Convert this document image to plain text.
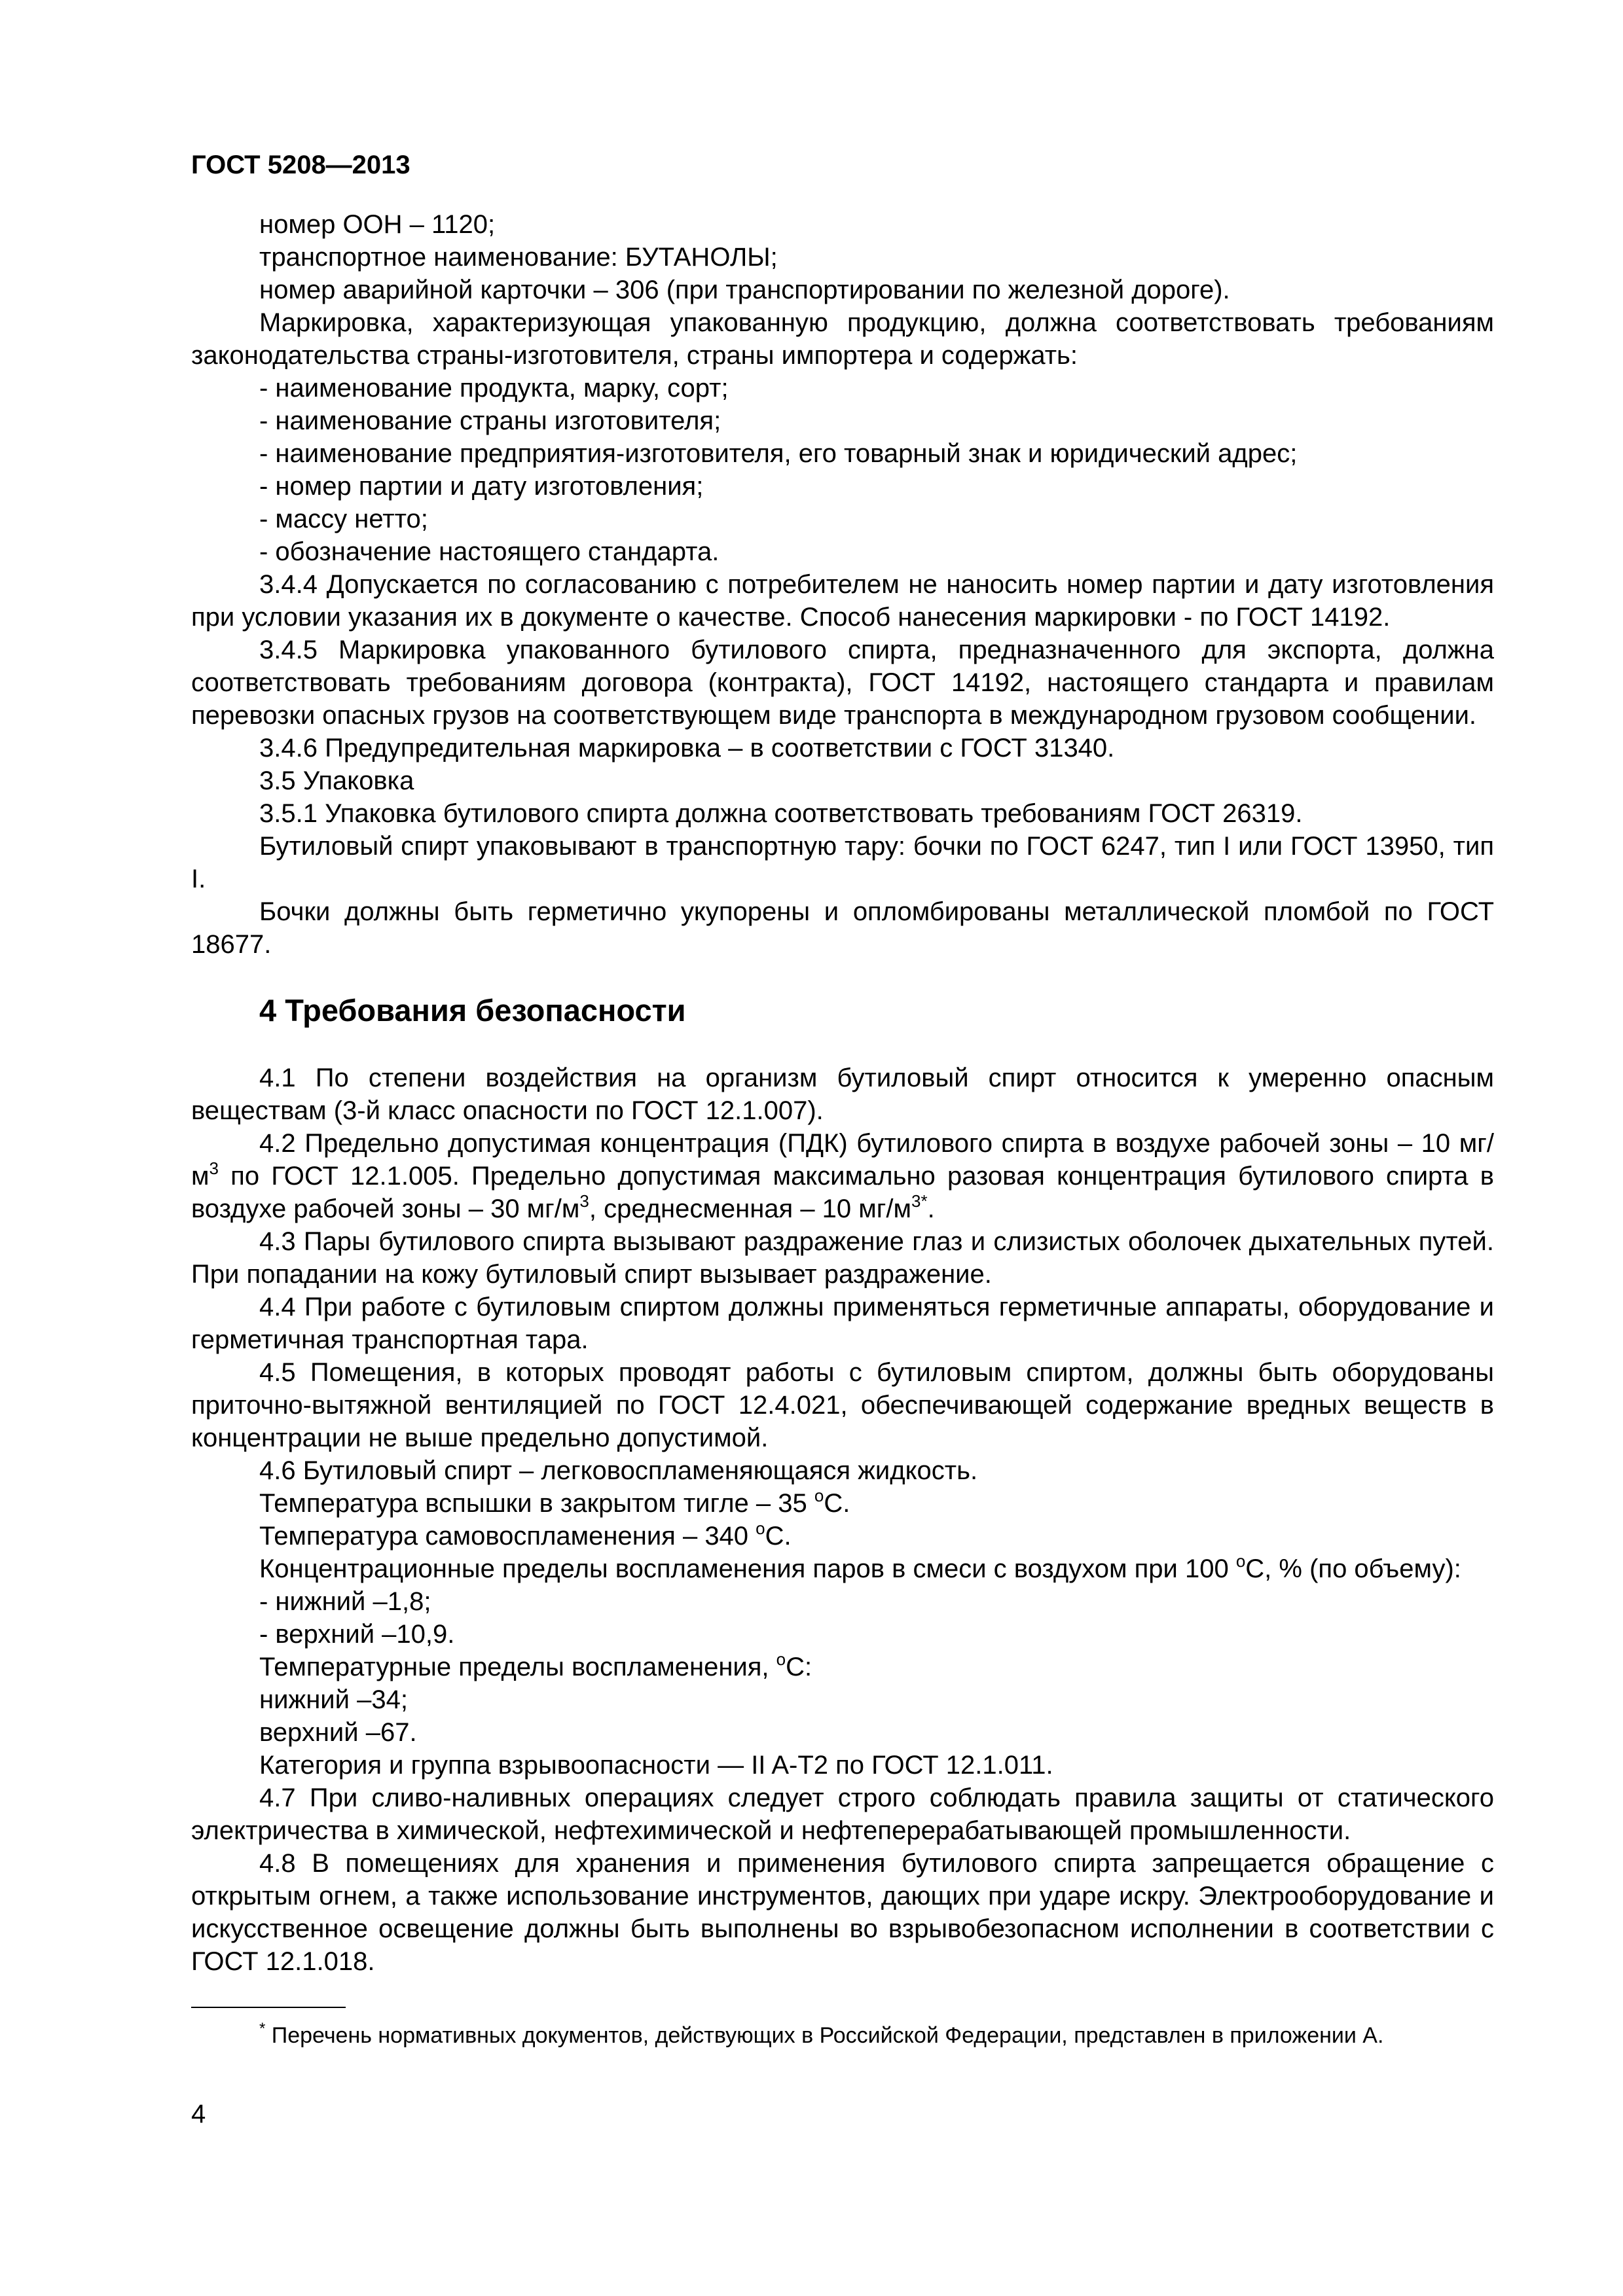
ГОСТ 5208—2013

номер ООН – 1120;

транспортное наименование: БУТАНОЛЫ;

номер аварийной карточки – 306 (при транспортировании по железной дороге).

Маркировка, характеризующая упакованную продукцию, должна соответствовать требованиям законодательства страны-изготовителя, страны импортера и содержать:

- наименование продукта, марку, сорт;

- наименование страны изготовителя;

- наименование предприятия-изготовителя, его товарный знак и юридический адрес;

- номер партии и дату изготовления;

- массу нетто;

- обозначение настоящего стандарта.

3.4.4 Допускается по согласованию с потребителем не наносить номер партии и дату изготовления при условии указания их в документе о качестве. Способ нанесения маркировки - по ГОСТ 14192.

3.4.5 Маркировка упакованного бутилового спирта, предназначенного для экспорта, должна соответствовать требованиям договора (контракта), ГОСТ 14192, настоящего стандарта и правилам перевозки опасных грузов на соответствующем виде транспорта в международном грузовом сообщении.

3.4.6 Предупредительная маркировка – в соответствии с ГОСТ 31340.

3.5 Упаковка

3.5.1 Упаковка бутилового спирта должна соответствовать требованиям ГОСТ 26319.

Бутиловый спирт упаковывают в транспортную тару: бочки по ГОСТ 6247, тип I или ГОСТ 13950, тип I.

Бочки должны быть герметично укупорены и опломбированы металлической пломбой по ГОСТ 18677.

4 Требования безопасности

4.1 По степени воздействия на организм бутиловый спирт относится к умеренно опасным веществам (3-й класс опасности по ГОСТ 12.1.007).

4.2 Предельно допустимая концентрация (ПДК) бутилового спирта в воздухе рабочей зоны – 10 $мг/м^3$ по ГОСТ 12.1.005. Предельно допустимая максимально разовая концентрация бутилового спирта в воздухе рабочей зоны – 30 $мг/м^3$, среднесменная – 10 $мг/м^{3*}$.

4.3 Пары бутилового спирта вызывают раздражение глаз и слизистых оболочек дыхательных путей. При попадании на кожу бутиловый спирт вызывает раздражение.

4.4 При работе с бутиловым спиртом должны применяться герметичные аппараты, оборудование и герметичная транспортная тара.

4.5 Помещения, в которых проводят работы с бутиловым спиртом, должны быть оборудованы приточно-вытяжной вентиляцией по ГОСТ 12.4.021, обеспечивающей содержание вредных веществ в концентрации не выше предельно допустимой.

4.6 Бутиловый спирт – легковоспламеняющаяся жидкость.

Температура вспышки в закрытом тигле – 35 $^о$С.

Температура самовоспламенения – 340 $^о$С.

Концентрационные пределы воспламенения паров в смеси с воздухом при 100 $^о$С, % (по объему):

- нижний –1,8;

- верхний –10,9.

Температурные пределы воспламенения, $^о$С:

нижний –34;

верхний –67.

Категория и группа взрывоопасности — II A-T2 по ГОСТ 12.1.011.

4.7 При сливо-наливных операциях следует строго соблюдать правила защиты от статического электричества в химической, нефтехимической и нефтеперерабатывающей промышленности.

4.8 В помещениях для хранения и применения бутилового спирта запрещается обращение с открытым огнем, а также использование инструментов, дающих при ударе искру. Электрооборудование и искусственное освещение должны быть выполнены во взрывобезопасном исполнении в соответствии с ГОСТ 12.1.018.

* Перечень нормативных документов, действующих в Российской Федерации, представлен в приложении А.
4
